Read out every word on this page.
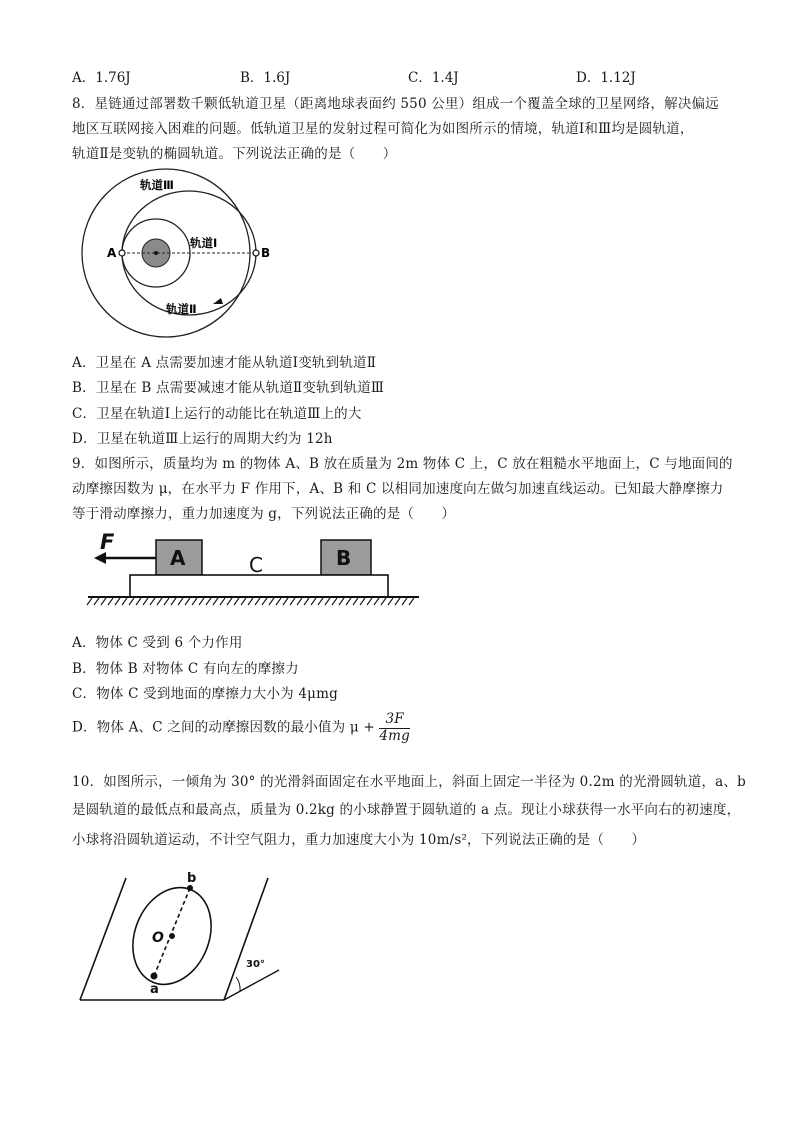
A．1.76J	B．1.6J	C．1.4J	D．1.12J
8．星链通过部署数千颗低轨道卫星（距离地球表面约 550 公里）组成一个覆盖全球的卫星网络，解决偏远
地区互联网接入困难的问题。低轨道卫星的发射过程可简化为如图所示的情境，轨道Ⅰ和Ⅲ均是圆轨道，
轨道Ⅱ是变轨的椭圆轨道。下列说法正确的是（　　）
A	B
轨道Ⅲ
轨道Ⅰ
轨道Ⅱ
A．卫星在 A 点需要加速才能从轨道Ⅰ变轨到轨道Ⅱ
B．卫星在 B 点需要减速才能从轨道Ⅱ变轨到轨道Ⅲ
C．卫星在轨道Ⅰ上运行的动能比在轨道Ⅲ上的大
D．卫星在轨道Ⅲ上运行的周期大约为 12h
9．如图所示，质量均为 m 的物体 A、B 放在质量为 2m 物体 C 上，C 放在粗糙水平地面上，C 与地面间的
动摩擦因数为 μ，在水平力 F 作用下，A、B 和 C 以相同加速度向左做匀加速直线运动。已知最大静摩擦力
等于滑动摩擦力，重力加速度为 g，下列说法正确的是（　　）
F
A	B
C
A．物体 C 受到 6 个力作用
B．物体 B 对物体 C 有向左的摩擦力
C．物体 C 受到地面的摩擦力大小为 4μmg
D．物体 A、C 之间的动摩擦因数的最小值为 $\mu + \frac{3F}{4mg}$
10．如图所示，一倾角为 30° 的光滑斜面固定在水平地面上，斜面上固定一半径为 0.2m 的光滑圆轨道，a、b
是圆轨道的最低点和最高点，质量为 0.2kg 的小球静置于圆轨道的 a 点。现让小球获得一水平向右的初速度，
小球将沿圆轨道运动，不计空气阻力，重力加速度大小为 10m/s²，下列说法正确的是（　　）
30°
b
O
a
